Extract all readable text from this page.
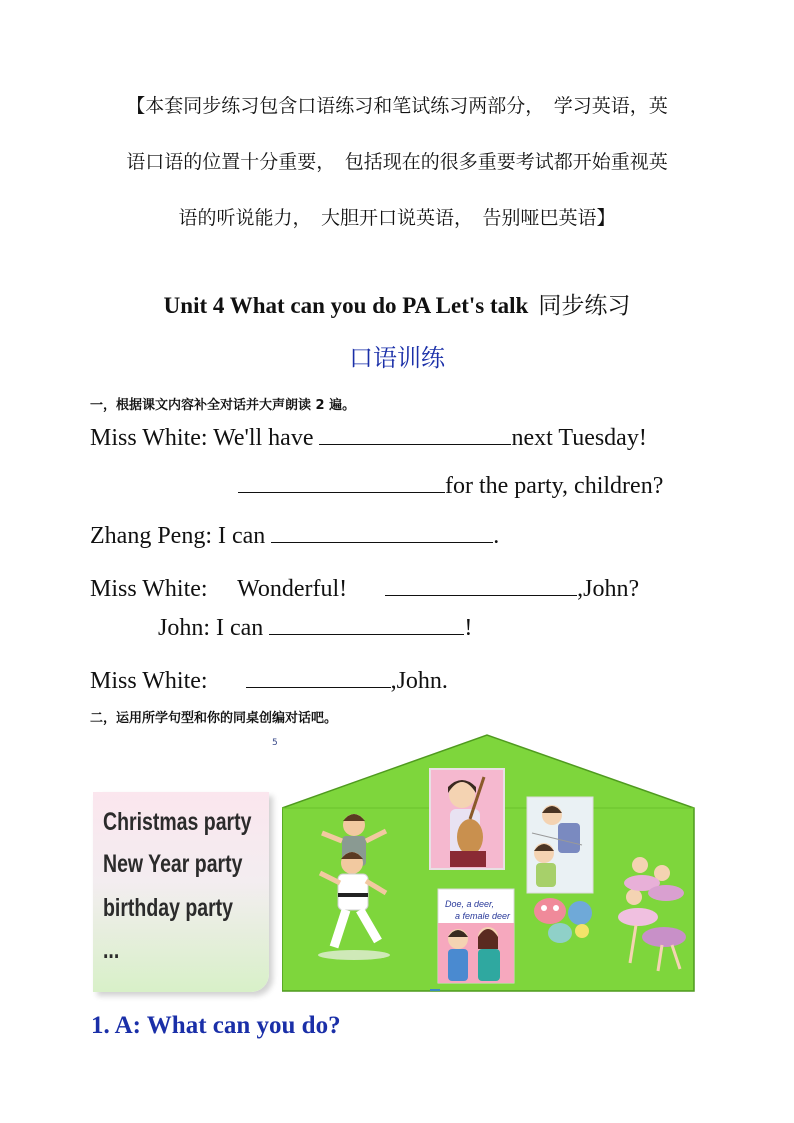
【本套同步练习包含口语练习和笔试练习两部分，　学习英语，英
语口语的位置十分重要，　包括现在的很多重要考试都开始重视英
语的听说能力，　大胆开口说英语，　告别哑巴英语】
Unit 4 What can you do PA Let's talk 同步练习
口语训练
一，根据课文内容补全对话并大声朗读 2 遍。
Miss White: We'll have	next Tuesday!
for the party, children?
Zhang Peng: I can	.
Miss White:　 Wonderful!	,John?
John: I can	!
Miss White:　	,John.
二，运用所学句型和你的同桌创编对话吧。
5
Christmas party
New Year party
birthday party
...
Doe, a deer,
a female deer
1. A: What can you do?
